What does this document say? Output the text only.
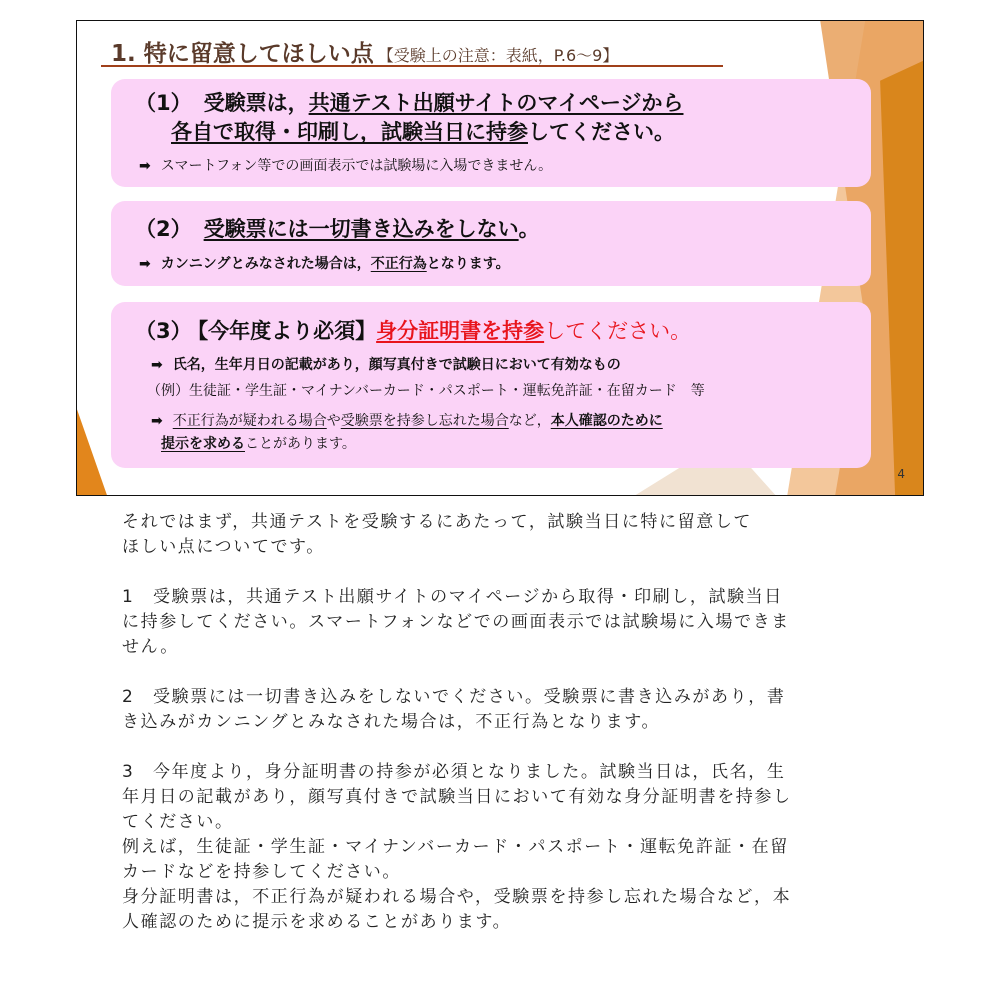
1. 特に留意してほしい点 【受験上の注意：表紙，P.6～9】
（1） 受験票は，共通テスト出願サイトのマイページから
各自で取得・印刷し，試験当日に持参してください。
➡ スマートフォン等での画面表示では試験場に入場できません。
（2） 受験票には一切書き込みをしない。
➡ カンニングとみなされた場合は，不正行為となります。
（3） 【今年度より必須】身分証明書を持参してください。
➡ 氏名，生年月日の記載があり，顔写真付きで試験日において有効なもの
（例）生徒証・学生証・マイナンバーカード・パスポート・運転免許証・在留カード　等
➡ 不正行為が疑われる場合や受験票を持参し忘れた場合など，本人確認のために
提示を求めることがあります。
4

それではまず，共通テストを受験するにあたって，試験当日に特に留意して
ほしい点についてです。

1　受験票は，共通テスト出願サイトのマイページから取得・印刷し，試験当日
に持参してください。スマートフォンなどでの画面表示では試験場に入場できま
せん。

2　受験票には一切書き込みをしないでください。受験票に書き込みがあり，書
き込みがカンニングとみなされた場合は，不正行為となります。

3　今年度より，身分証明書の持参が必須となりました。試験当日は，氏名，生
年月日の記載があり，顔写真付きで試験当日において有効な身分証明書を持参し
てください。
例えば，生徒証・学生証・マイナンバーカード・パスポート・運転免許証・在留
カードなどを持参してください。
身分証明書は，不正行為が疑われる場合や，受験票を持参し忘れた場合など，本
人確認のために提示を求めることがあります。
